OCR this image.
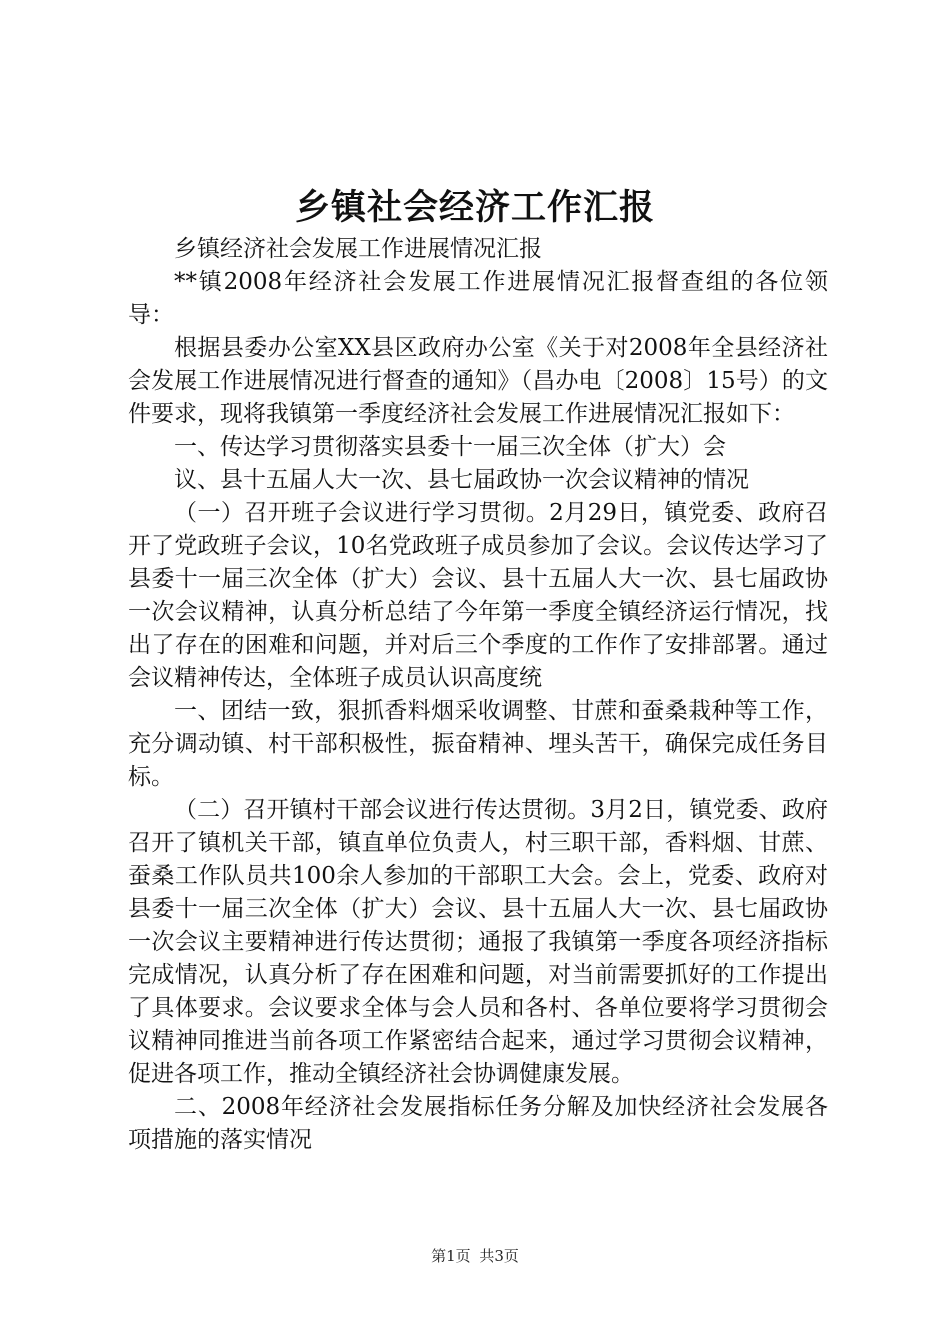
乡镇社会经济工作汇报

乡镇经济社会发展工作进展情况汇报

**镇2008年经济社会发展工作进展情况汇报督查组的各位领导：

根据县委办公室XX县区政府办公室《关于对2008年全县经济社会发展工作进展情况进行督查的通知》（昌办电〔2008〕15号）的文件要求，现将我镇第一季度经济社会发展工作进展情况汇报如下：

一、传达学习贯彻落实县委十一届三次全体（扩大）会

议、县十五届人大一次、县七届政协一次会议精神的情况

（一）召开班子会议进行学习贯彻。2月29日，镇党委、政府召开了党政班子会议，10名党政班子成员参加了会议。会议传达学习了县委十一届三次全体（扩大）会议、县十五届人大一次、县七届政协一次会议精神，认真分析总结了今年第一季度全镇经济运行情况，找出了存在的困难和问题，并对后三个季度的工作作了安排部署。通过会议精神传达，全体班子成员认识高度统

一、团结一致，狠抓香料烟采收调整、甘蔗和蚕桑栽种等工作，充分调动镇、村干部积极性，振奋精神、埋头苦干，确保完成任务目标。

（二）召开镇村干部会议进行传达贯彻。3月2日，镇党委、政府召开了镇机关干部，镇直单位负责人，村三职干部，香料烟、甘蔗、蚕桑工作队员共100余人参加的干部职工大会。会上，党委、政府对县委十一届三次全体（扩大）会议、县十五届人大一次、县七届政协一次会议主要精神进行传达贯彻；通报了我镇第一季度各项经济指标完成情况，认真分析了存在困难和问题，对当前需要抓好的工作提出了具体要求。会议要求全体与会人员和各村、各单位要将学习贯彻会议精神同推进当前各项工作紧密结合起来，通过学习贯彻会议精神，促进各项工作，推动全镇经济社会协调健康发展。

二、2008年经济社会发展指标任务分解及加快经济社会发展各项措施的落实情况

第1页 共3页
